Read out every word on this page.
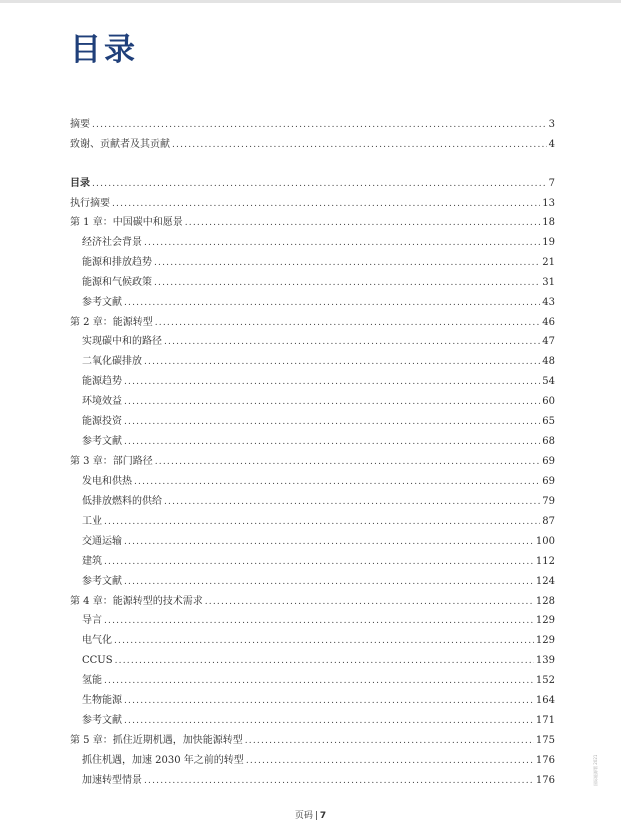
目录
摘要 .....	3
致谢、贡献者及其贡献 .....	4
目录 .....	7
执行摘要 .....	13
第 1 章：中国碳中和愿景 .....	18
经济社会背景 .....	19
能源和排放趋势 .....	21
能源和气候政策 .....	31
参考文献 .....	43
第 2 章：能源转型 .....	46
实现碳中和的路径 .....	47
二氧化碳排放 .....	48
能源趋势 .....	54
环境效益 .....	60
能源投资 .....	65
参考文献 .....	68
第 3 章：部门路径 .....	69
发电和供热 .....	69
低排放燃料的供给 .....	79
工业 .....	87
交通运输 .....	100
建筑 .....	112
参考文献 .....	124
第 4 章：能源转型的技术需求 .....	128
导言 .....	129
电气化 .....	129
CCUS .....	139
氢能 .....	152
生物能源 .....	164
参考文献 .....	171
第 5 章：抓住近期机遇，加快能源转型 .....	175
抓住机遇，加速 2030 年之前的转型 .....	176
加速转型情景 .....	176
页码 | 7
国际能源署 2021
